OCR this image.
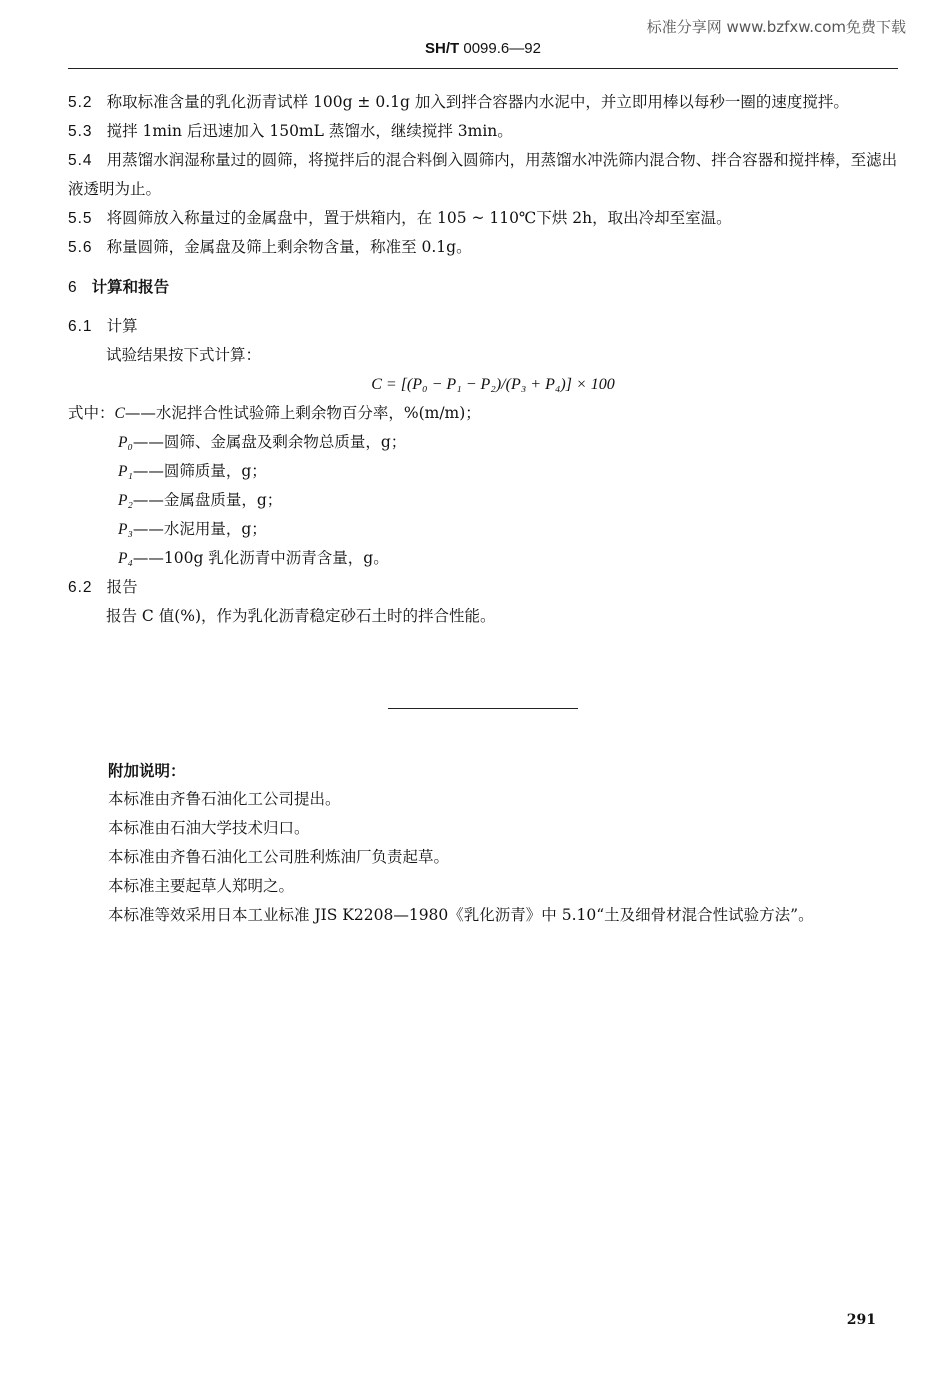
标准分享网 www.bzfxw.com免费下载
SH/T 0099.6—92

5.2 称取标准含量的乳化沥青试样 100g ± 0.1g 加入到拌合容器内水泥中，并立即用棒以每秒一圈的速度搅拌。

5.3 搅拌 1min 后迅速加入 150mL 蒸馏水，继续搅拌 3min。

5.4 用蒸馏水润湿称量过的圆筛，将搅拌后的混合料倒入圆筛内，用蒸馏水冲洗筛内混合物、拌合容器和搅拌棒，至滤出液透明为止。

5.5 将圆筛放入称量过的金属盘中，置于烘箱内，在 105 ~ 110℃下烘 2h，取出冷却至室温。

5.6 称量圆筛，金属盘及筛上剩余物含量，称准至 0.1g。

6 计算和报告

6.1 计算

试验结果按下式计算：

C = [(P₀ − P₁ − P₂)/(P₃ + P₄)] × 100

式中：C——水泥拌合性试验筛上剩余物百分率，%(m/m)；
P₀——圆筛、金属盘及剩余物总质量，g；
P₁——圆筛质量，g；
P₂——金属盘质量，g；
P₃——水泥用量，g；
P₄——100g 乳化沥青中沥青含量，g。

6.2 报告

报告 C 值(%)，作为乳化沥青稳定砂石土时的拌合性能。

附加说明：
本标准由齐鲁石油化工公司提出。
本标准由石油大学技术归口。
本标准由齐鲁石油化工公司胜利炼油厂负责起草。
本标准主要起草人郑明之。
本标准等效采用日本工业标准 JIS K2208—1980《乳化沥青》中 5.10“土及细骨材混合性试验方法”。
291
